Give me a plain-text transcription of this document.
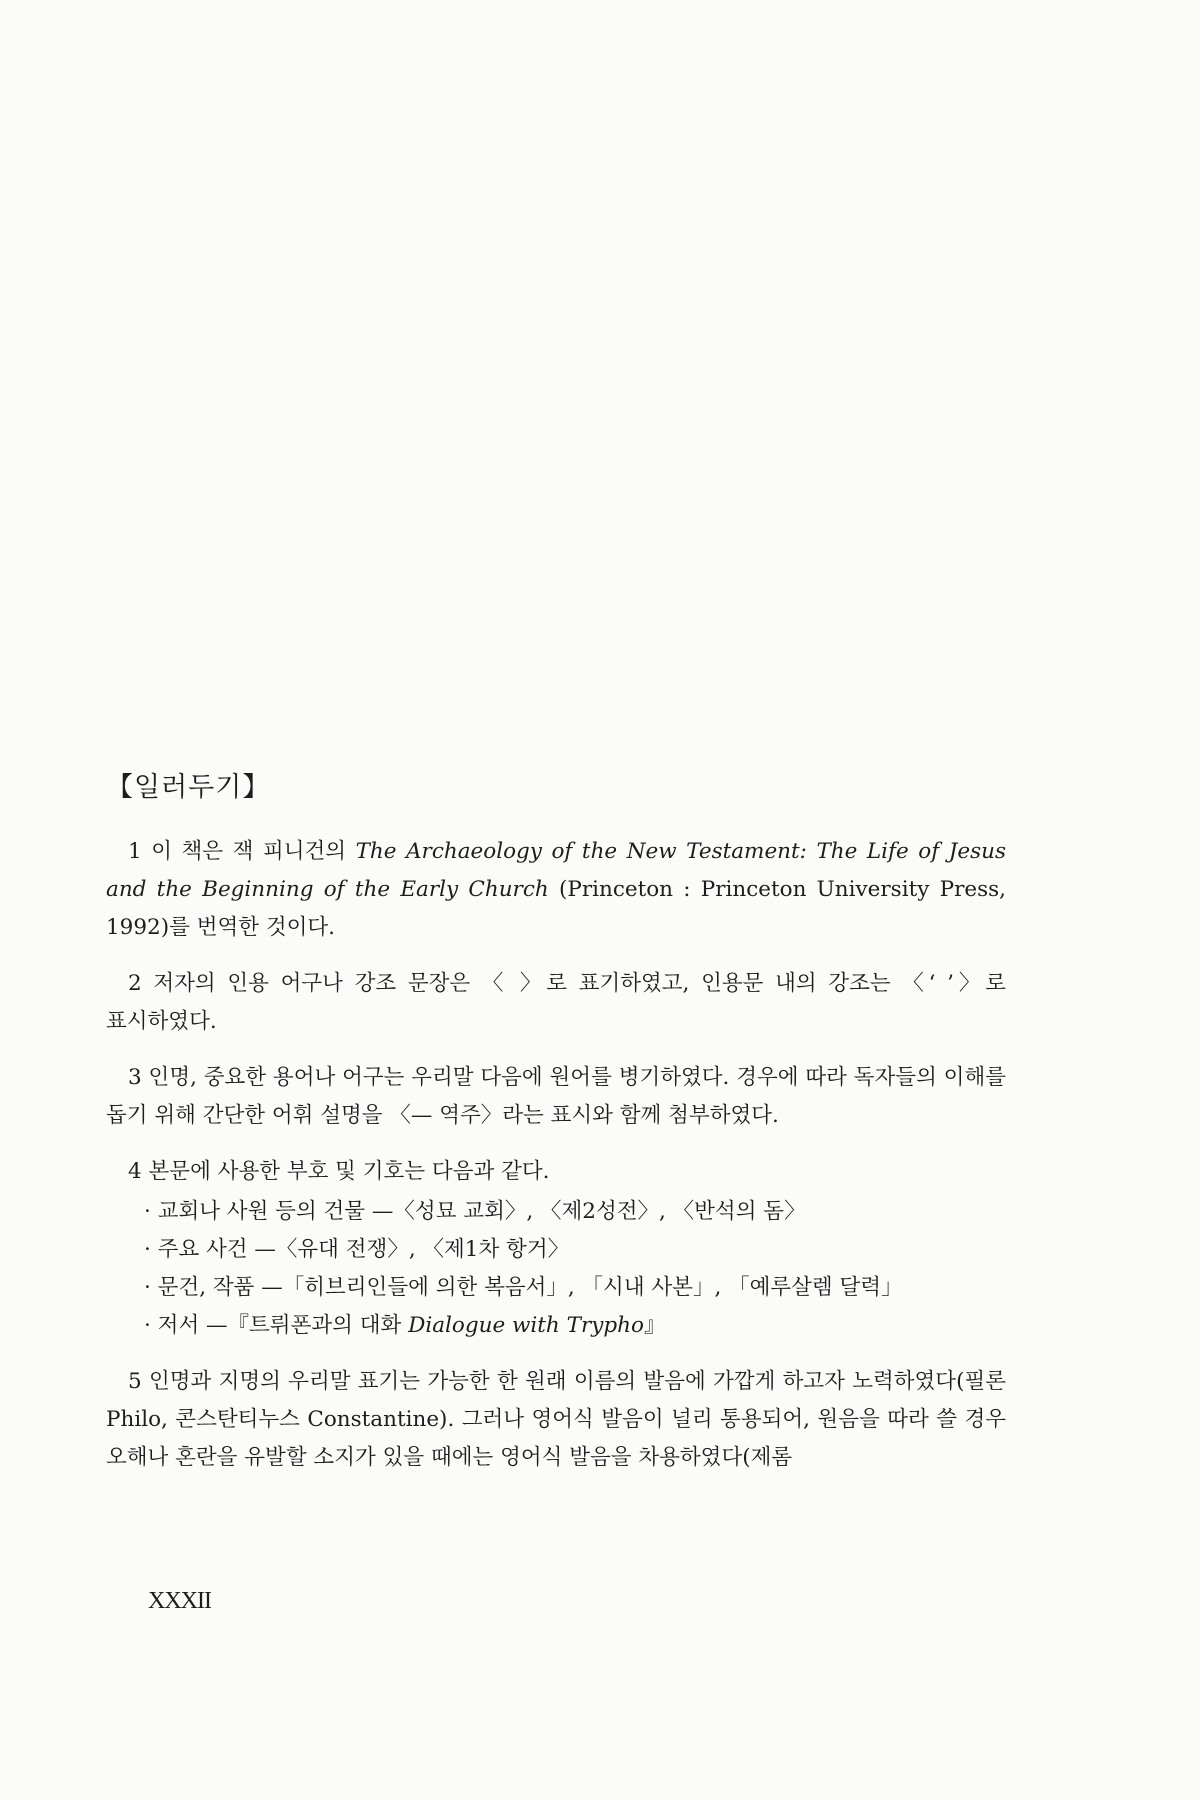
【일러두기】

1 이 책은 잭 피니건의 The Archaeology of the New Testament: The Life of Jesus and the Beginning of the Early Church (Princeton : Princeton University Press, 1992)를 번역한 것이다.

2 저자의 인용 어구나 강조 문장은 〈 〉로 표기하였고, 인용문 내의 강조는 〈‘ ’〉로 표시하였다.

3 인명, 중요한 용어나 어구는 우리말 다음에 원어를 병기하였다. 경우에 따라 독자들의 이해를 돕기 위해 간단한 어휘 설명을 〈— 역주〉라는 표시와 함께 첨부하였다.

4 본문에 사용한 부호 및 기호는 다음과 같다.

· 교회나 사원 등의 건물 —〈성묘 교회〉, 〈제2성전〉, 〈반석의 돔〉
· 주요 사건 —〈유대 전쟁〉, 〈제1차 항거〉
· 문건, 작품 —「히브리인들에 의한 복음서」, 「시내 사본」, 「예루살렘 달력」
· 저서 —『트뤼폰과의 대화 Dialogue with Trypho』

5 인명과 지명의 우리말 표기는 가능한 한 원래 이름의 발음에 가깝게 하고자 노력하였다(필론 Philo, 콘스탄티누스 Constantine). 그러나 영어식 발음이 널리 통용되어, 원음을 따라 쓸 경우 오해나 혼란을 유발할 소지가 있을 때에는 영어식 발음을 차용하였다(제롬

XXXII
